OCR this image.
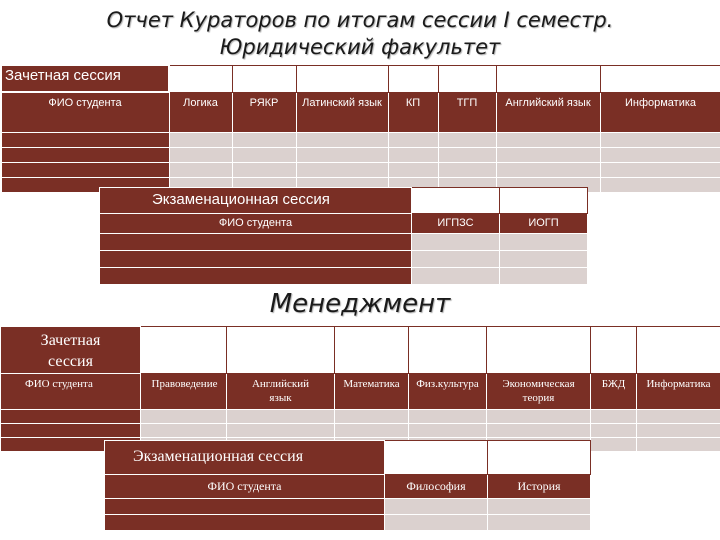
Отчет Кураторов по итогам сессии I семестр.
Юридический факультет
Зачетная сессия							

ФИО студента	Логика	РЯКР	Латинский язык	КП	ТГП	Английский язык	Информатика

Экзаменационная сессия		

ФИО студента	ИГПЗС	ИОГП

Менеджмент
Зачетная сессия							

ФИО студента	Правоведение	Английский язык	Математика	Физ.культура	Экономическая теория	БЖД	Информатика

Экзаменационная сессия		

ФИО студента	Философия	История
